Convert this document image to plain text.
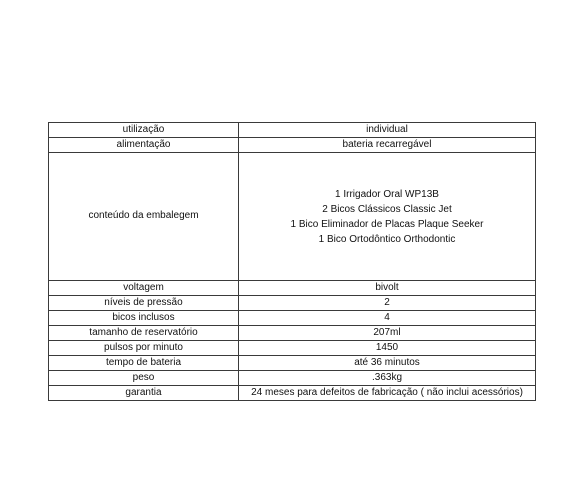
utilização	individual
alimentação	bateria recarregável
conteúdo da embalegem	1 Irrigador Oral WP13B
2 Bicos Clássicos Classic Jet
1 Bico Eliminador de Placas Plaque Seeker
1 Bico Ortodôntico Orthodontic

voltagem	bivolt
níveis de pressão	2
bicos inclusos	4
tamanho de reservatório	207ml
pulsos por minuto	1450
tempo de bateria	até 36 minutos
peso	.363kg
garantia	24 meses para defeitos de fabricação ( não inclui acessórios)
